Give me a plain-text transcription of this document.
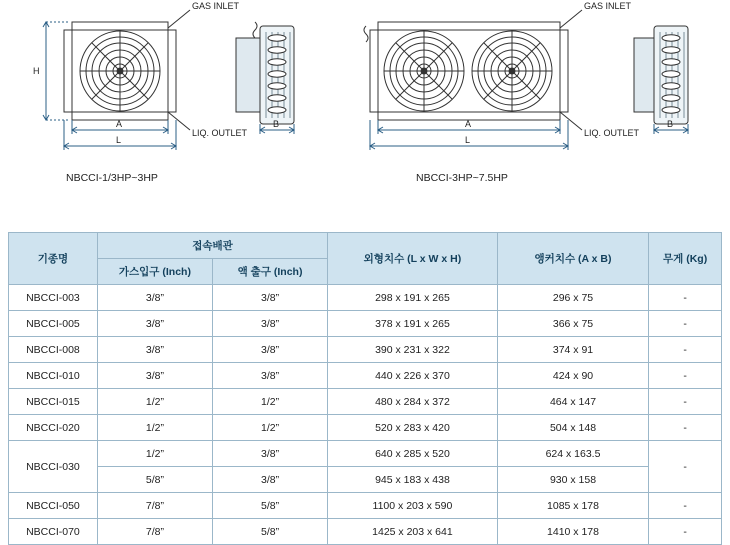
GAS INLET
LIQ. OUTLET
H
A
L
B
GAS INLET
LIQ. OUTLET
A
L
B
NBCCI-1/3HP~3HP	NBCCI-3HP~7.5HP
기종명	접속배관		외형치수 (L x W x H)	앵커치수 (A x B)	무게 (Kg)
	가스입구 (Inch)	액 출구 (Inch)			
NBCCI-003	3/8”	3/8”	298 x 191 x 265	296 x 75	-
NBCCI-005	3/8”	3/8”	378 x 191 x 265	366 x 75	-
NBCCI-008	3/8”	3/8”	390 x 231 x 322	374 x 91	-
NBCCI-010	3/8”	3/8”	440 x 226 x 370	424 x 90	-
NBCCI-015	1/2”	1/2”	480 x 284 x 372	464 x 147	-
NBCCI-020	1/2”	1/2”	520 x 283 x 420	504 x 148	-
NBCCI-030	1/2”	3/8”	640 x 285 x 520	624 x 163.5	-
	5/8”	3/8”	945 x 183 x 438	930 x 158	
NBCCI-050	7/8”	5/8”	1100 x 203 x 590	1085 x 178	-
NBCCI-070	7/8”	5/8”	1425 x 203 x 641	1410 x 178	-
